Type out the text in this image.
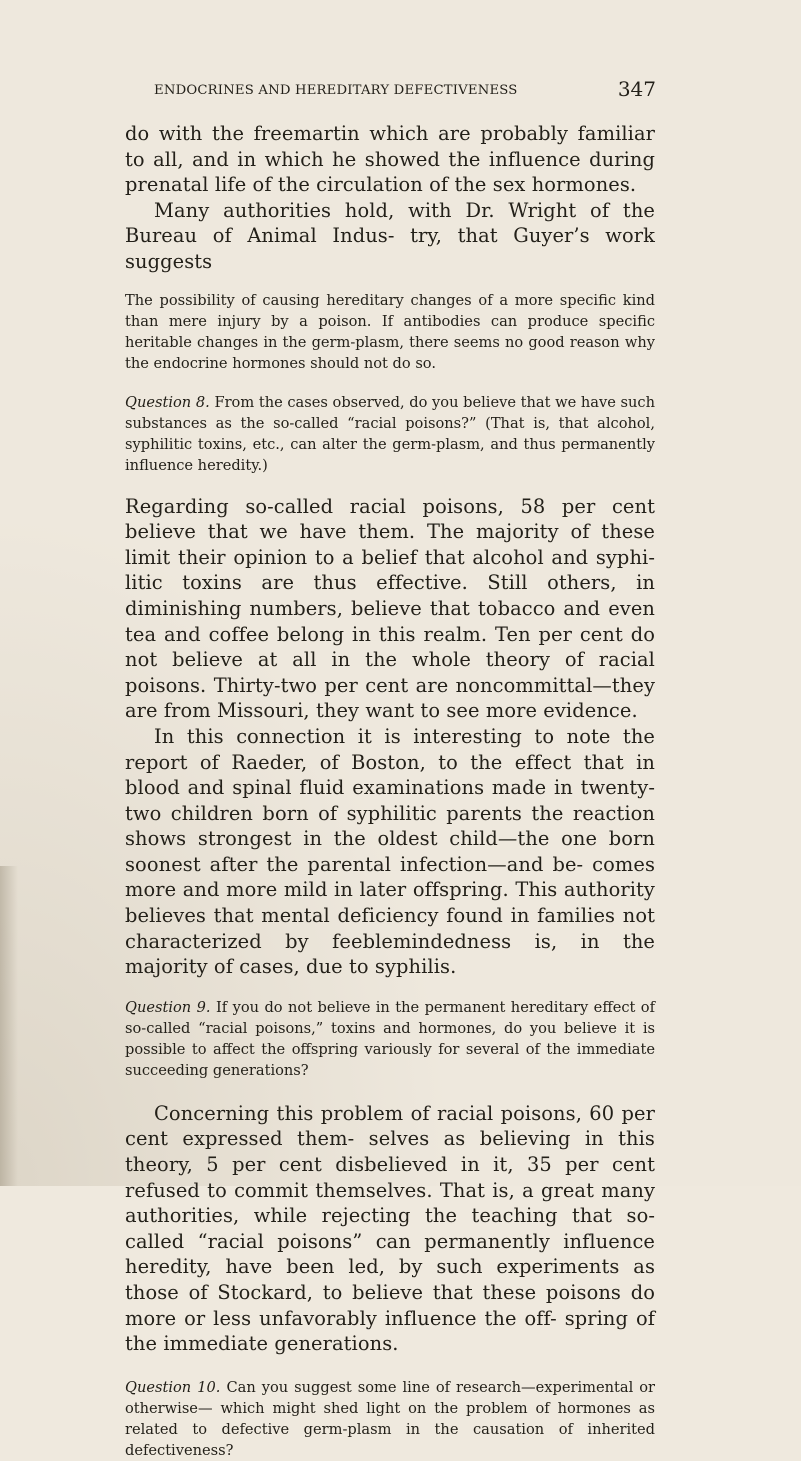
ENDOCRINES AND HEREDITARY DEFECTIVENESS	347

do with the freemartin which are probably familiar to all, and in which he showed the influence during prenatal life of the circulation of the sex hormones.

Many authorities hold, with Dr. Wright of the Bureau of Animal Indus- try, that Guyer’s work suggests

The possibility of causing hereditary changes of a more specific kind than mere injury by a poison. If antibodies can produce specific heritable changes in the germ-plasm, there seems no good reason why the endocrine hormones should not do so.

Question 8. From the cases observed, do you believe that we have such substances as the so-called “racial poisons?” (That is, that alcohol, syphilitic toxins, etc., can alter the germ-plasm, and thus permanently influence heredity.)

Regarding so-called racial poisons, 58 per cent believe that we have them. The majority of these limit their opinion to a belief that alcohol and syphi- litic toxins are thus effective. Still others, in diminishing numbers, believe that tobacco and even tea and coffee belong in this realm. Ten per cent do not believe at all in the whole theory of racial poisons. Thirty-two per cent are noncommittal—they are from Missouri, they want to see more evidence.

In this connection it is interesting to note the report of Raeder, of Boston, to the effect that in blood and spinal fluid examinations made in twenty- two children born of syphilitic parents the reaction shows strongest in the oldest child—the one born soonest after the parental infection—and be- comes more and more mild in later offspring. This authority believes that mental deficiency found in families not characterized by feeblemindedness is, in the majority of cases, due to syphilis.

Question 9. If you do not believe in the permanent hereditary effect of so-called “racial poisons,” toxins and hormones, do you believe it is possible to affect the offspring variously for several of the immediate succeeding generations?

Concerning this problem of racial poisons, 60 per cent expressed them- selves as believing in this theory, 5 per cent disbelieved in it, 35 per cent refused to commit themselves. That is, a great many authorities, while rejecting the teaching that so-called “racial poisons” can permanently influence heredity, have been led, by such experiments as those of Stockard, to believe that these poisons do more or less unfavorably influence the off- spring of the immediate generations.

Question 10. Can you suggest some line of research—experimental or otherwise— which might shed light on the problem of hormones as related to defective germ-plasm in the causation of inherited defectiveness?
